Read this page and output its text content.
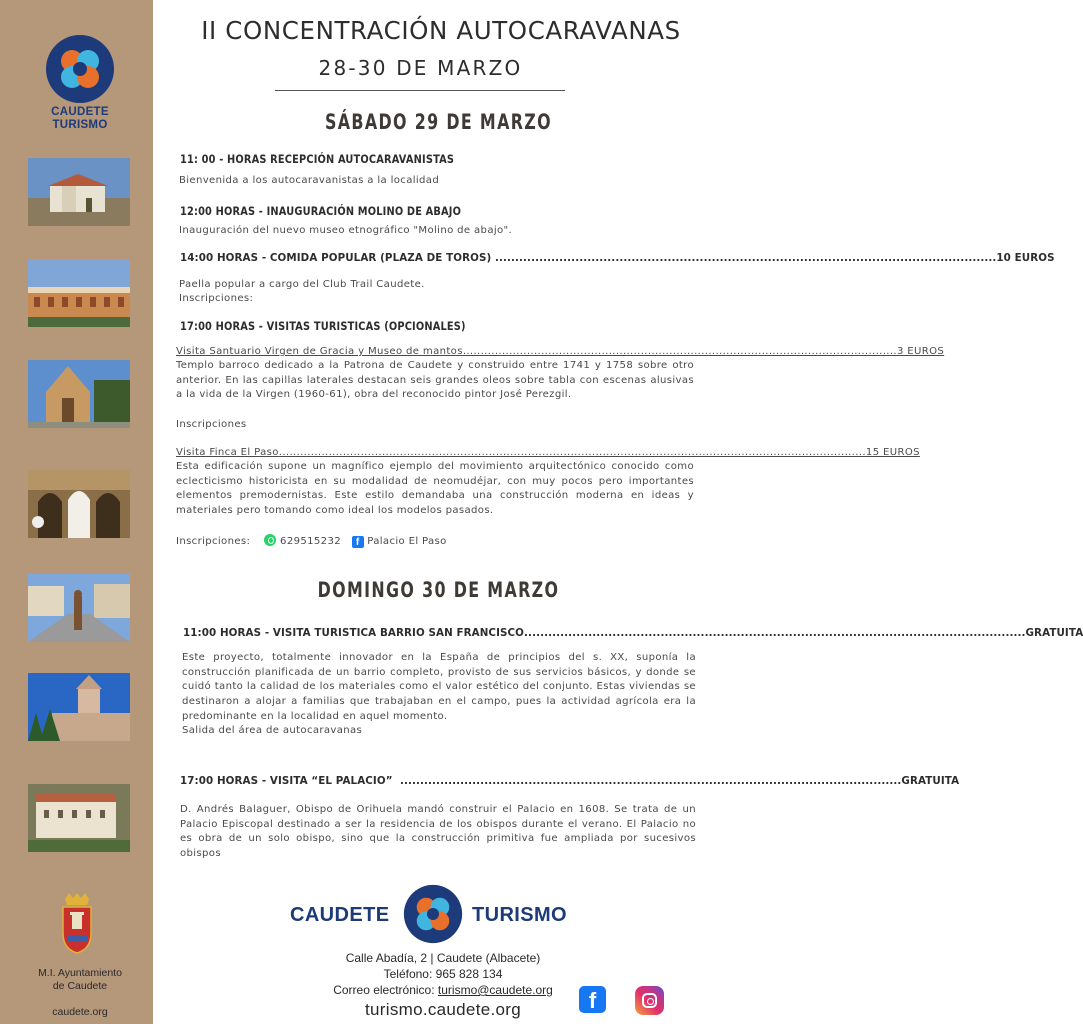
CAUDETE
TURISMO
M.I. Ayuntamiento
de Caudete
caudete.org
II CONCENTRACIÓN AUTOCARAVANAS
28-30 DE MARZO
SÁBADO 29 DE MARZO
11: 00 - HORAS RECEPCIÓN AUTOCARAVANISTAS
Bienvenida a los autocaravanistas a la localidad
12:00 HORAS - INAUGURACIÓN MOLINO DE ABAJO
Inauguración del nuevo museo etnográfico "Molino de abajo".
14:00 HORAS - COMIDA POPULAR (PLAZA DE TOROS) ............................................................................................................................. 10 EUROS
Paella popular a cargo del Club Trail Caudete.
Inscripciones:
17:00 HORAS - VISITAS TURISTICAS (OPCIONALES)
Visita Santuario Virgen de Gracia y Museo de mantos .......................................................................................................................... 3 EUROS
Templo barroco dedicado a la Patrona de Caudete y construido entre 1741 y 1758 sobre otro anterior. En las capillas laterales destacan seis grandes oleos sobre tabla con escenas alusivas a la vida de la Virgen (1960-61), obra del reconocido pintor José Perezgil.
Inscripciones
Visita Finca El Paso ..................................................................................................................................................................... 15 EUROS
Esta edificación supone un magnífico ejemplo del movimiento arquitectónico conocido como eclecticismo historicista en su modalidad de neomudéjar, con muy pocos pero importantes elementos premodernistas. Este estilo demandaba una construcción moderna en ideas y materiales pero tomando como ideal los modelos pasados.
Inscripciones:	629515232 f Palacio El Paso
DOMINGO 30 DE MARZO
11:00 HORAS - VISITA TURISTICA BARRIO SAN FRANCISCO ............................................................................................................................. GRATUITA
Este proyecto, totalmente innovador en la España de principios del s. XX, suponía la construcción planificada de un barrio completo, provisto de sus servicios básicos, y donde se cuidó tanto la calidad de los materiales como el valor estético del conjunto. Estas viviendas se destinaron a alojar a familias que trabajaban en el campo, pues la actividad agrícola era la predominante en la localidad en aquel momento.
Salida del área de autocaravanas
17:00 HORAS - VISITA “EL PALACIO” ............................................................................................................................. GRATUITA
D. Andrés Balaguer, Obispo de Orihuela mandó construir el Palacio en 1608. Se trata de un Palacio Episcopal destinado a ser la residencia de los obispos durante el verano. El Palacio no es obra de un solo obispo, sino que la construcción primitiva fue ampliada por sucesivos obispos
CAUDETE	TURISMO
Calle Abadía, 2 | Caudete (Albacete)
Teléfono: 965 828 134
Correo electrónico: turismo@caudete.org
turismo.caudete.org	f
